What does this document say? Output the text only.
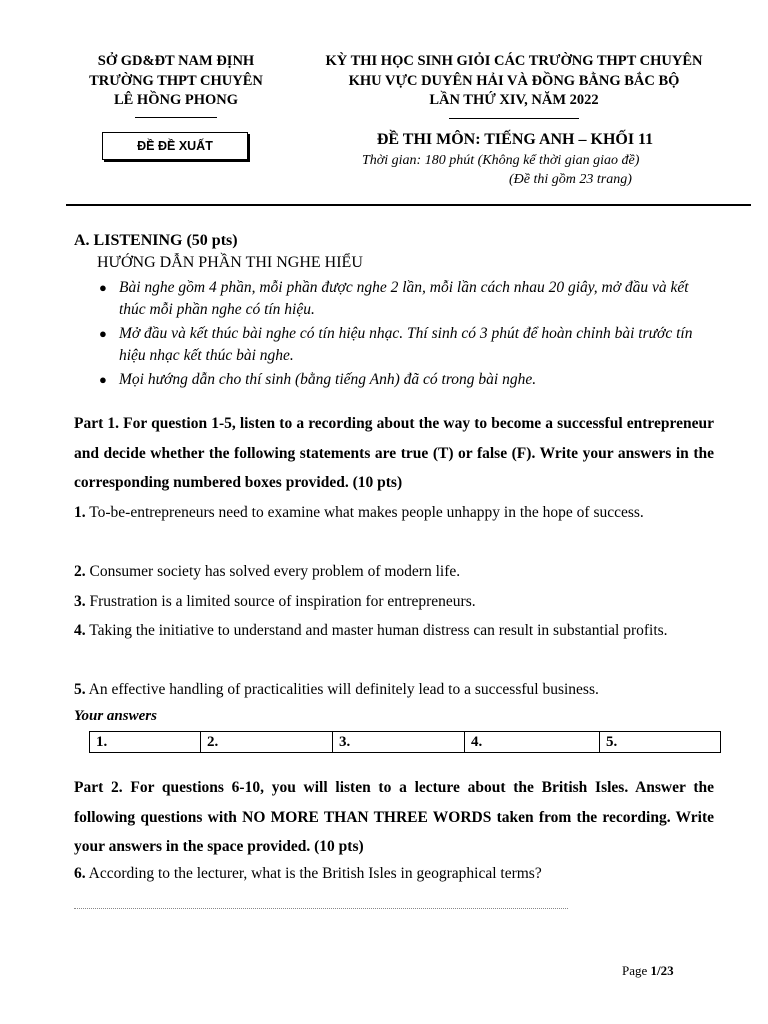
SỞ GD&ĐT NAM ĐỊNH
TRƯỜNG THPT CHUYÊN
LÊ HỒNG PHONG
KỲ THI HỌC SINH GIỎI CÁC TRƯỜNG THPT CHUYÊN
KHU VỰC DUYÊN HẢI VÀ ĐỒNG BẰNG BẮC BỘ
LẦN THỨ XIV, NĂM 2022
ĐỀ ĐỀ XUẤT	ĐỀ THI MÔN: TIẾNG ANH – KHỐI 11
Thời gian: 180 phút (Không kể thời gian giao đề)
(Đề thi gồm 23 trang)
A. LISTENING (50 pts)
HƯỚNG DẪN PHẦN THI NGHE HIỂU
● Bài nghe gồm 4 phần, mỗi phần được nghe 2 lần, mỗi lần cách nhau 20 giây, mở đầu và kết thúc mỗi phần nghe có tín hiệu.
● Mở đầu và kết thúc bài nghe có tín hiệu nhạc. Thí sinh có 3 phút để hoàn chỉnh bài trước tín hiệu nhạc kết thúc bài nghe.
● Mọi hướng dẫn cho thí sinh (bằng tiếng Anh) đã có trong bài nghe.
Part 1. For question 1-5, listen to a recording about the way to become a successful entrepreneur and decide whether the following statements are true (T) or false (F). Write your answers in the corresponding numbered boxes provided. (10 pts)
1. To-be-entrepreneurs need to examine what makes people unhappy in the hope of success.
2. Consumer society has solved every problem of modern life.
3. Frustration is a limited source of inspiration for entrepreneurs.
4. Taking the initiative to understand and master human distress can result in substantial profits.
5. An effective handling of practicalities will definitely lead to a successful business.
Your answers
1.	2.	3.	4.	5.
Part 2. For questions 6-10, you will listen to a lecture about the British Isles. Answer the following questions with NO MORE THAN THREE WORDS taken from the recording. Write your answers in the space provided. (10 pts)
6. According to the lecturer, what is the British Isles in geographical terms?
Page 1/23
